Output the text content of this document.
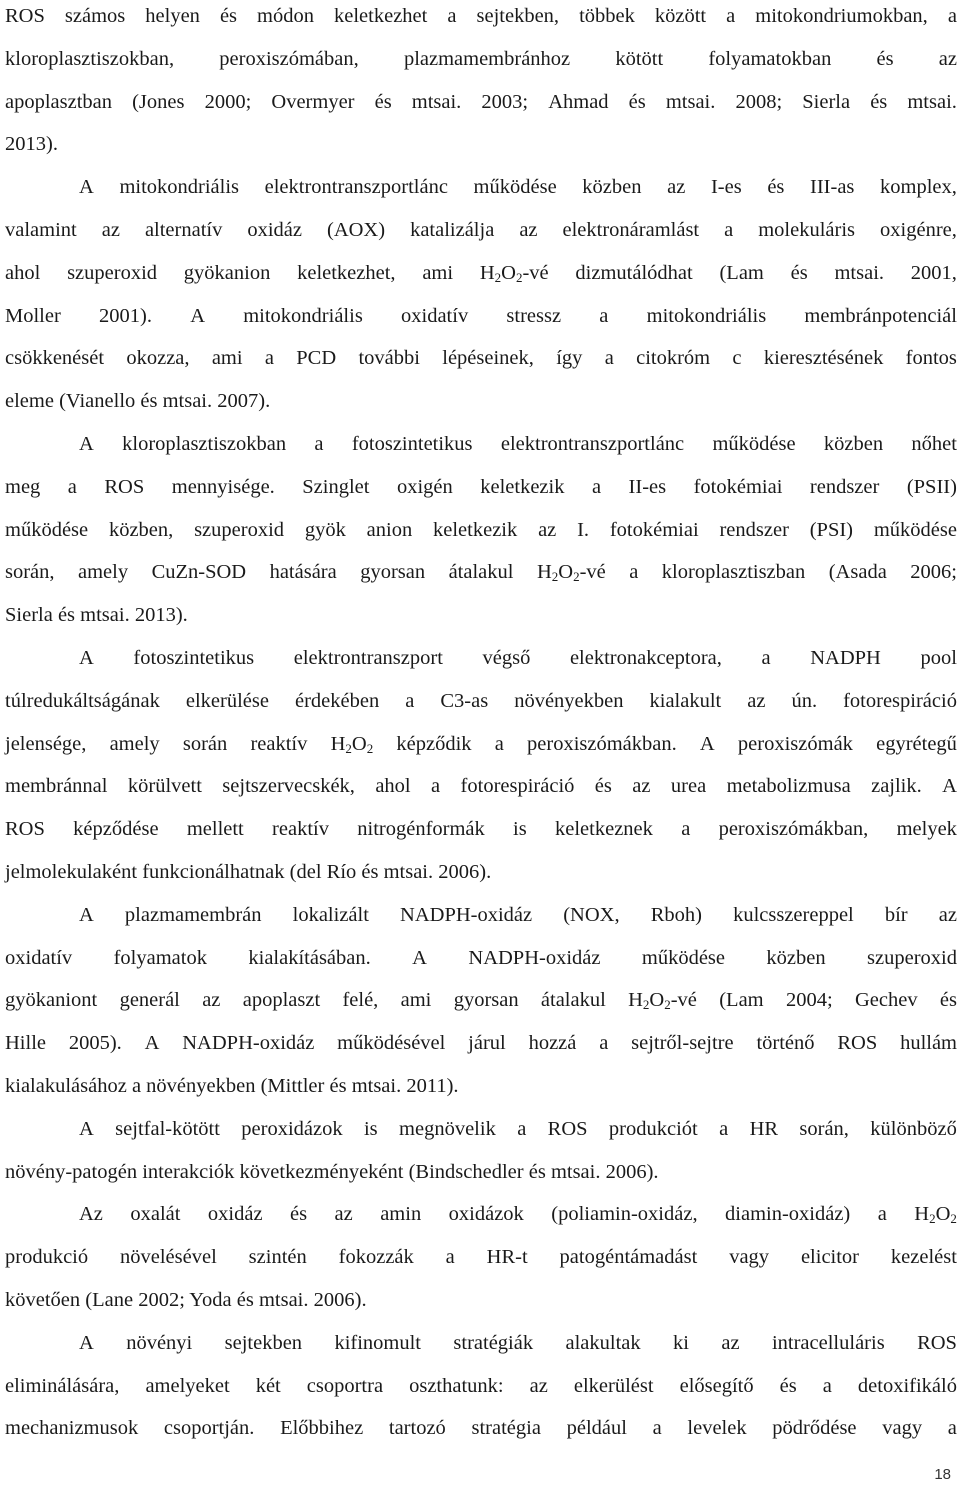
ROS számos helyen és módon keletkezhet a sejtekben, többek között a mitokondriumokban, a
kloroplasztiszokban, peroxiszómában, plazmamembránhoz kötött folyamatokban és az
apoplasztban (Jones 2000; Overmyer és mtsai. 2003; Ahmad és mtsai. 2008; Sierla és mtsai.
2013).
A mitokondriális elektrontranszportlánc működése közben az I-es és III-as komplex,
valamint az alternatív oxidáz (AOX) katalizálja az elektronáramlást a molekuláris oxigénre,
ahol szuperoxid gyökanion keletkezhet, ami $H_2O_2-vé$ dizmutálódhat (Lam és mtsai. 2001,
Moller 2001). A mitokondriális oxidatív stressz a mitokondriális membránpotenciál
csökkenését okozza, ami a PCD további lépéseinek, így a citokróm c kieresztésének fontos
eleme (Vianello és mtsai. 2007).
A kloroplasztiszokban a fotoszintetikus elektrontranszportlánc működése közben nőhet
meg a ROS mennyisége. Szinglet oxigén keletkezik a II-es fotokémiai rendszer (PSII)
működése közben, szuperoxid gyök anion keletkezik az I. fotokémiai rendszer (PSI) működése
során, amely CuZn-SOD hatására gyorsan átalakul $H_2O_2-vé$ a kloroplasztiszban (Asada 2006;
Sierla és mtsai. 2013).
A fotoszintetikus elektrontranszport végső elektronakceptora, a NADPH pool
túlredukáltságának elkerülése érdekében a C3-as növényekben kialakult az ún. fotorespiráció
jelensége, amely során reaktív $H_2O_2$ képződik a peroxiszómákban. A peroxiszómák egyrétegű
membránnal körülvett sejtszervecskék, ahol a fotorespiráció és az urea metabolizmusa zajlik. A
ROS képződése mellett reaktív nitrogénformák is keletkeznek a peroxiszómákban, melyek
jelmolekulaként funkcionálhatnak (del Río és mtsai. 2006).
A plazmamembrán lokalizált NADPH-oxidáz (NOX, Rboh) kulcsszereppel bír az
oxidatív folyamatok kialakításában. A NADPH-oxidáz működése közben szuperoxid
gyökaniont generál az apoplaszt felé, ami gyorsan átalakul $H_2O_2-vé$ (Lam 2004; Gechev és
Hille 2005). A NADPH-oxidáz működésével járul hozzá a sejtről-sejtre történő ROS hullám
kialakulásához a növényekben (Mittler és mtsai. 2011).
A sejtfal-kötött peroxidázok is megnövelik a ROS produkciót a HR során, különböző
növény-patogén interakciók következményeként (Bindschedler és mtsai. 2006).
Az oxalát oxidáz és az amin oxidázok (poliamin-oxidáz, diamin-oxidáz) a $H_2O_2$
produkció növelésével szintén fokozzák a HR-t patogéntámadást vagy elicitor kezelést
követően (Lane 2002; Yoda és mtsai. 2006).
A növényi sejtekben kifinomult stratégiák alakultak ki az intracelluláris ROS
eliminálására, amelyeket két csoportra oszthatunk: az elkerülést elősegítő és a detoxifikáló
mechanizmusok csoportján. Előbbihez tartozó stratégia például a levelek pödrődése vagy a
18
